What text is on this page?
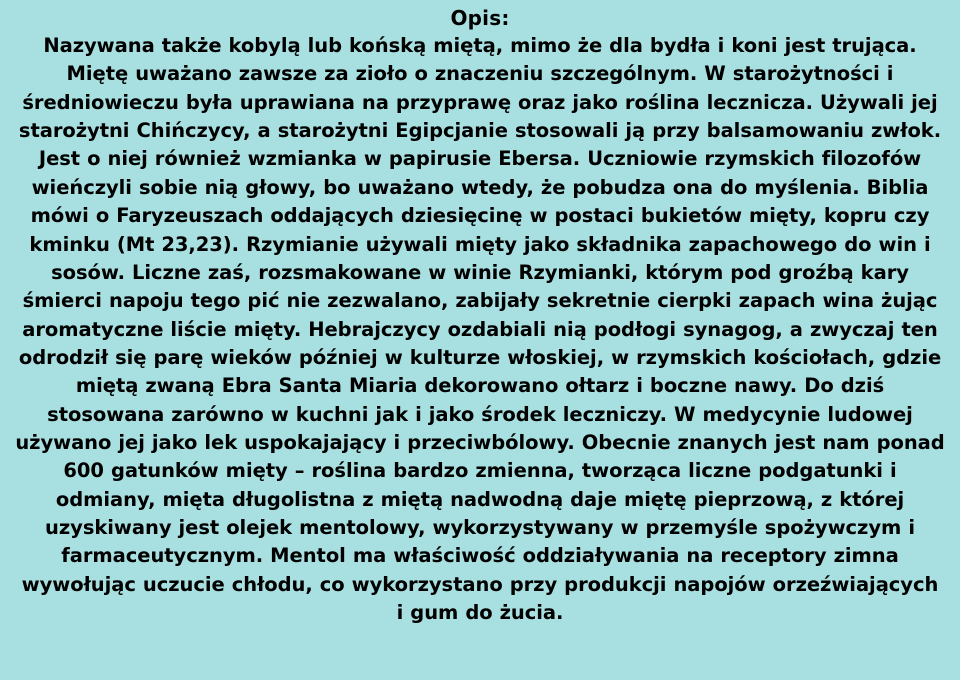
Opis:
Nazywana także kobylą lub końską miętą, mimo że dla bydła i koni jest trująca. Miętę uważano zawsze za zioło o znaczeniu szczególnym. W starożytności i średniowieczu była uprawiana na przyprawę oraz jako roślina lecznicza. Używali jej starożytni Chińczycy, a starożytni Egipcjanie stosowali ją przy balsamowaniu zwłok. Jest o niej również wzmianka w papirusie Ebersa. Uczniowie rzymskich filozofów wieńczyli sobie nią głowy, bo uważano wtedy, że pobudza ona do myślenia. Biblia mówi o Faryzeuszach oddających dziesięcinę w postaci bukietów mięty, kopru czy kminku (Mt 23,23). Rzymianie używali mięty jako składnika zapachowego do win i sosów. Liczne zaś, rozsmakowane w winie Rzymianki, którym pod groźbą kary śmierci napoju tego pić nie zezwalano, zabijały sekretnie cierpki zapach wina żując aromatyczne liście mięty. Hebrajczycy ozdabiali nią podłogi synagog, a zwyczaj ten odrodził się parę wieków później w kulturze włoskiej, w rzymskich kościołach, gdzie miętą zwaną Ebra Santa Miaria dekorowano ołtarz i boczne nawy. Do dziś stosowana zarówno w kuchni jak i jako środek leczniczy. W medycynie ludowej używano jej jako lek uspokajający i przeciwbólowy. Obecnie znanych jest nam ponad 600 gatunków mięty – roślina bardzo zmienna, tworząca liczne podgatunki i odmiany, mięta długolistna z miętą nadwodną daje miętę pieprzową, z której uzyskiwany jest olejek mentolowy, wykorzystywany w przemyśle spożywczym i farmaceutycznym. Mentol ma właściwość oddziaływania na receptory zimna wywołując uczucie chłodu, co wykorzystano przy produkcji napojów orzeźwiających i gum do żucia.
